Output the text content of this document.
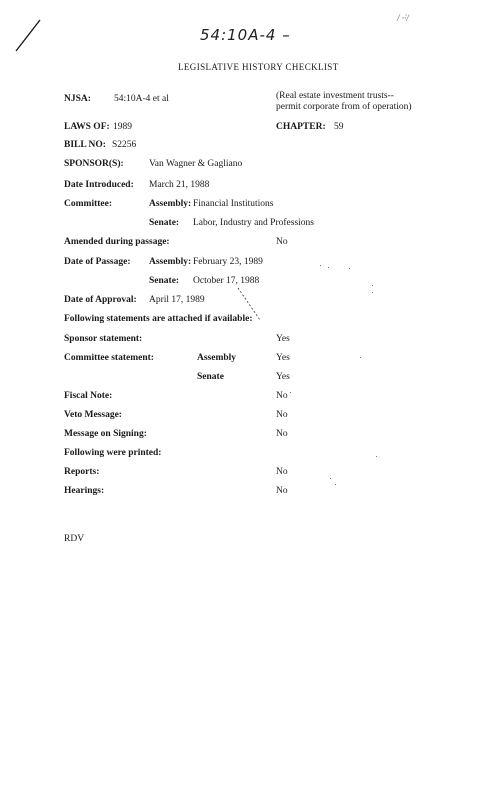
54:10A-4 –
/ ·̇·/
LEGISLATIVE HISTORY CHECKLIST
NJSA: 54:10A-4 et al	(Real estate investment trusts--
permit corporate from of operation)
LAWS OF: 1989	CHAPTER: 59
BILL NO: S2256
SPONSOR(S):	Van Wagner & Gagliano
Date Introduced: March 21, 1988
Committee:	Assembly: Financial Institutions
Senate: Labor, Industry and Professions
Amended during passage:	No
Date of Passage: Assembly: February 23, 1989
Senate: October 17, 1988
Date of Approval: April 17, 1989
Following statements are attached if available:
Sponsor statement:	Yes
Committee statement:	Assembly	Yes
Senate	Yes
Fiscal Note:	No
Veto Message:	No
Message on Signing:	No
Following were printed:
Reports:	No
Hearings:	No
RDV
